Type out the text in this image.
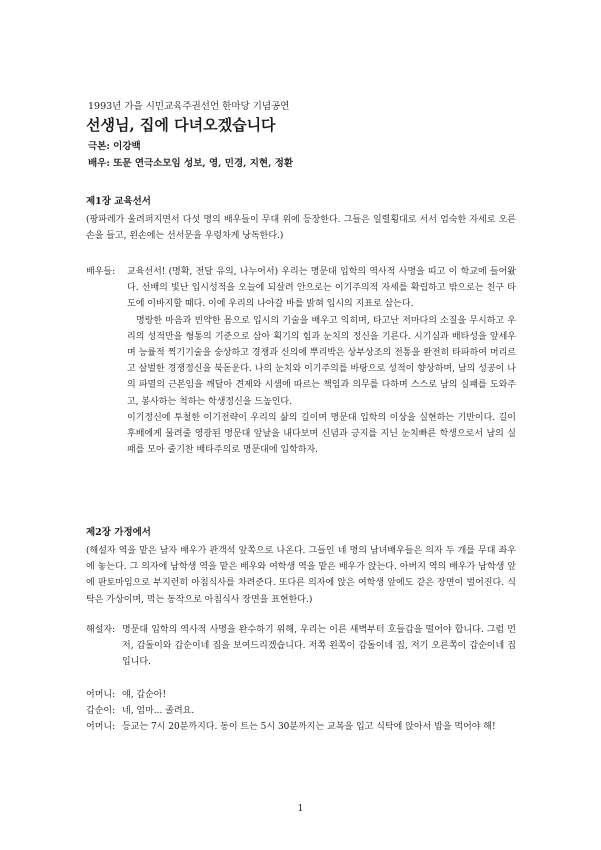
1993년 가을 시민교육주권선언 한마당 기념공연

선생님, 집에 다녀오겠습니다

극본: 이강백
배우: 또문 연극소모임 성보, 영, 민경, 지현, 정환

제1장 교육선서

(팡파레가 울려퍼지면서 다섯 명의 배우들이 무대 위에 등장한다. 그들은 일렬횡대로 서서 엄숙한 자세로 오른손을 들고, 왼손에는 선서문을 우렁차게 낭독한다.)

배우들: 교육선서! (명확, 전달 유의, 나누어서) 우리는 명문대 입학의 역사적 사명을 띠고 이 학교에 들어왔다. 선배의 빛난 입시성적을 오늘에 되살려 안으로는 이기주의적 자세를 확립하고 밖으로는 친구 타도에 이바지할 때다. 이에 우리의 나아갈 바를 밝혀 입시의 지표로 삼는다.
명랑한 마음과 빈약한 몸으로 입시의 기술을 배우고 익히며, 타고난 저마다의 소질을 무시하고 우리의 성적만을 형통의 기준으로 삼아 획기의 힘과 눈치의 정신을 기른다. 시기심과 배타성을 앞세우며 능률적 찍기기술을 숭상하고 경쟁과 신의에 뿌리박은 상부상조의 전통을 완전히 타파하여 머리르고 살벌한 경쟁정신을 북돋운다. 나의 눈치와 이기주의를 바탕으로 성적이 향상하며, 남의 성공이 나의 파멸의 근본임을 깨달아 견제와 시샘에 따르는 책임과 의무를 다하며 스스로 남의 실패를 도와주고, 봉사하는 척하는 학생정신을 드높인다.
이기정신에 투철한 이기전략이 우리의 삶의 길이며 명문대 입학의 이상을 실현하는 기반이다. 길이 후배에게 물려줄 영광된 명문대 앞날을 내다보며 신념과 긍지를 지닌 눈치빠른 학생으로서 남의 실패를 모아 줄기찬 배타주의로 명문대에 입학하자.

제2장 가정에서

(해설자 역을 맡은 남자 배우가 관객석 앞쪽으로 나온다. 그들인 네 명의 남녀배우들은 의자 두 개를 무대 좌우에 놓는다. 그 의자에 남학생 역을 맡은 배우와 여학생 역을 맡은 배우가 앉는다. 아버지 역의 배우가 남학생 앞에 판토마임으로 부지런히 아침식사를 차려준다. 또다른 의자에 앉은 여학생 앞에도 같은 장면이 벌어진다. 식탁은 가상이며, 먹는 동작으로 아침식사 장면을 표현한다.)

해설자: 명문대 입학의 역사적 사명을 완수하기 위해, 우리는 이른 새벽부터 호들갑을 떨어야 합니다. 그럼 먼저, 갑돌이와 갑순이네 집을 보여드리겠습니다. 저쪽 왼쪽이 갑돌이네 집, 저기 오른쪽이 갑순이네 집입니다.
어머니: 얘, 갑순아!
갑순이: 네, 엄마... 졸려요.
어머니: 등교는 7시 20분까지다. 동이 트는 5시 30분까지는 교복을 입고 식탁에 앉아서 밥을 먹어야 해!

1
